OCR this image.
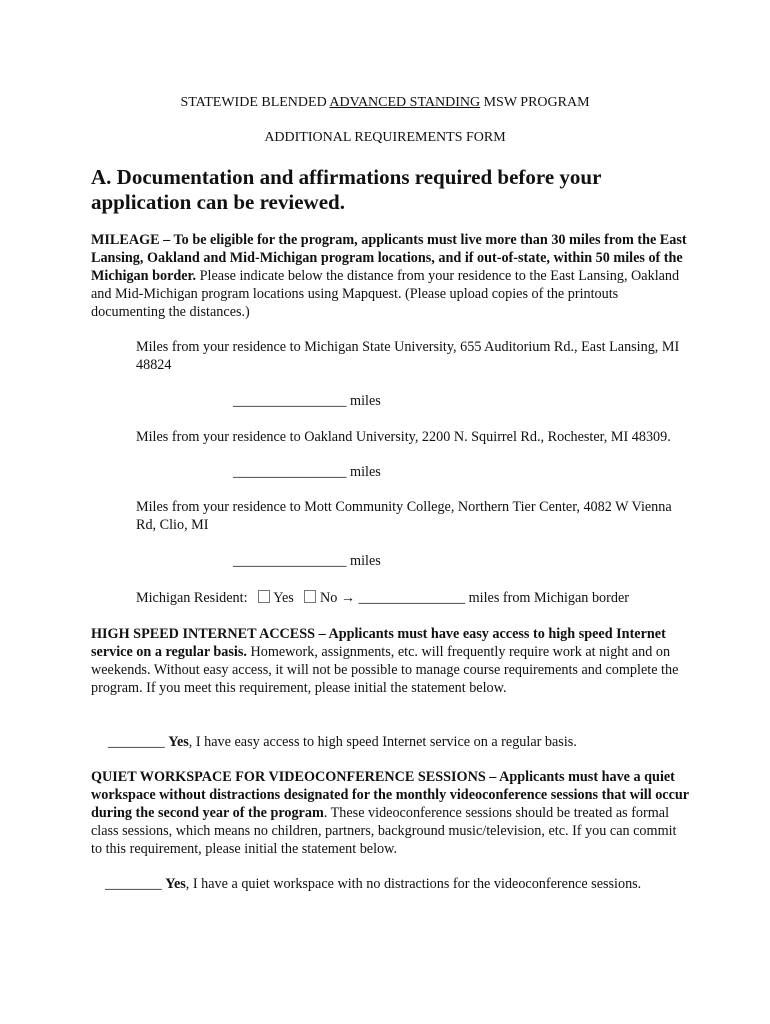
STATEWIDE BLENDED ADVANCED STANDING MSW PROGRAM
ADDITIONAL REQUIREMENTS FORM
A. Documentation and affirmations required before your application can be reviewed.
MILEAGE – To be eligible for the program, applicants must live more than 30 miles from the East Lansing, Oakland and Mid-Michigan program locations, and if out-of-state, within 50 miles of the Michigan border. Please indicate below the distance from your residence to the East Lansing, Oakland and Mid-Michigan program locations using Mapquest. (Please upload copies of the printouts documenting the distances.)
Miles from your residence to Michigan State University, 655 Auditorium Rd., East Lansing, MI 48824
________________ miles
Miles from your residence to Oakland University, 2200 N. Squirrel Rd., Rochester, MI 48309.
________________ miles
Miles from your residence to Mott Community College, Northern Tier Center, 4082 W Vienna Rd, Clio, MI
________________ miles
Michigan Resident: Yes No → _______________ miles from Michigan border
HIGH SPEED INTERNET ACCESS – Applicants must have easy access to high speed Internet service on a regular basis. Homework, assignments, etc. will frequently require work at night and on weekends. Without easy access, it will not be possible to manage course requirements and complete the program. If you meet this requirement, please initial the statement below.
________ Yes, I have easy access to high speed Internet service on a regular basis.
QUIET WORKSPACE FOR VIDEOCONFERENCE SESSIONS – Applicants must have a quiet workspace without distractions designated for the monthly videoconference sessions that will occur during the second year of the program. These videoconference sessions should be treated as formal class sessions, which means no children, partners, background music/television, etc. If you can commit to this requirement, please initial the statement below.
________ Yes, I have a quiet workspace with no distractions for the videoconference sessions.
